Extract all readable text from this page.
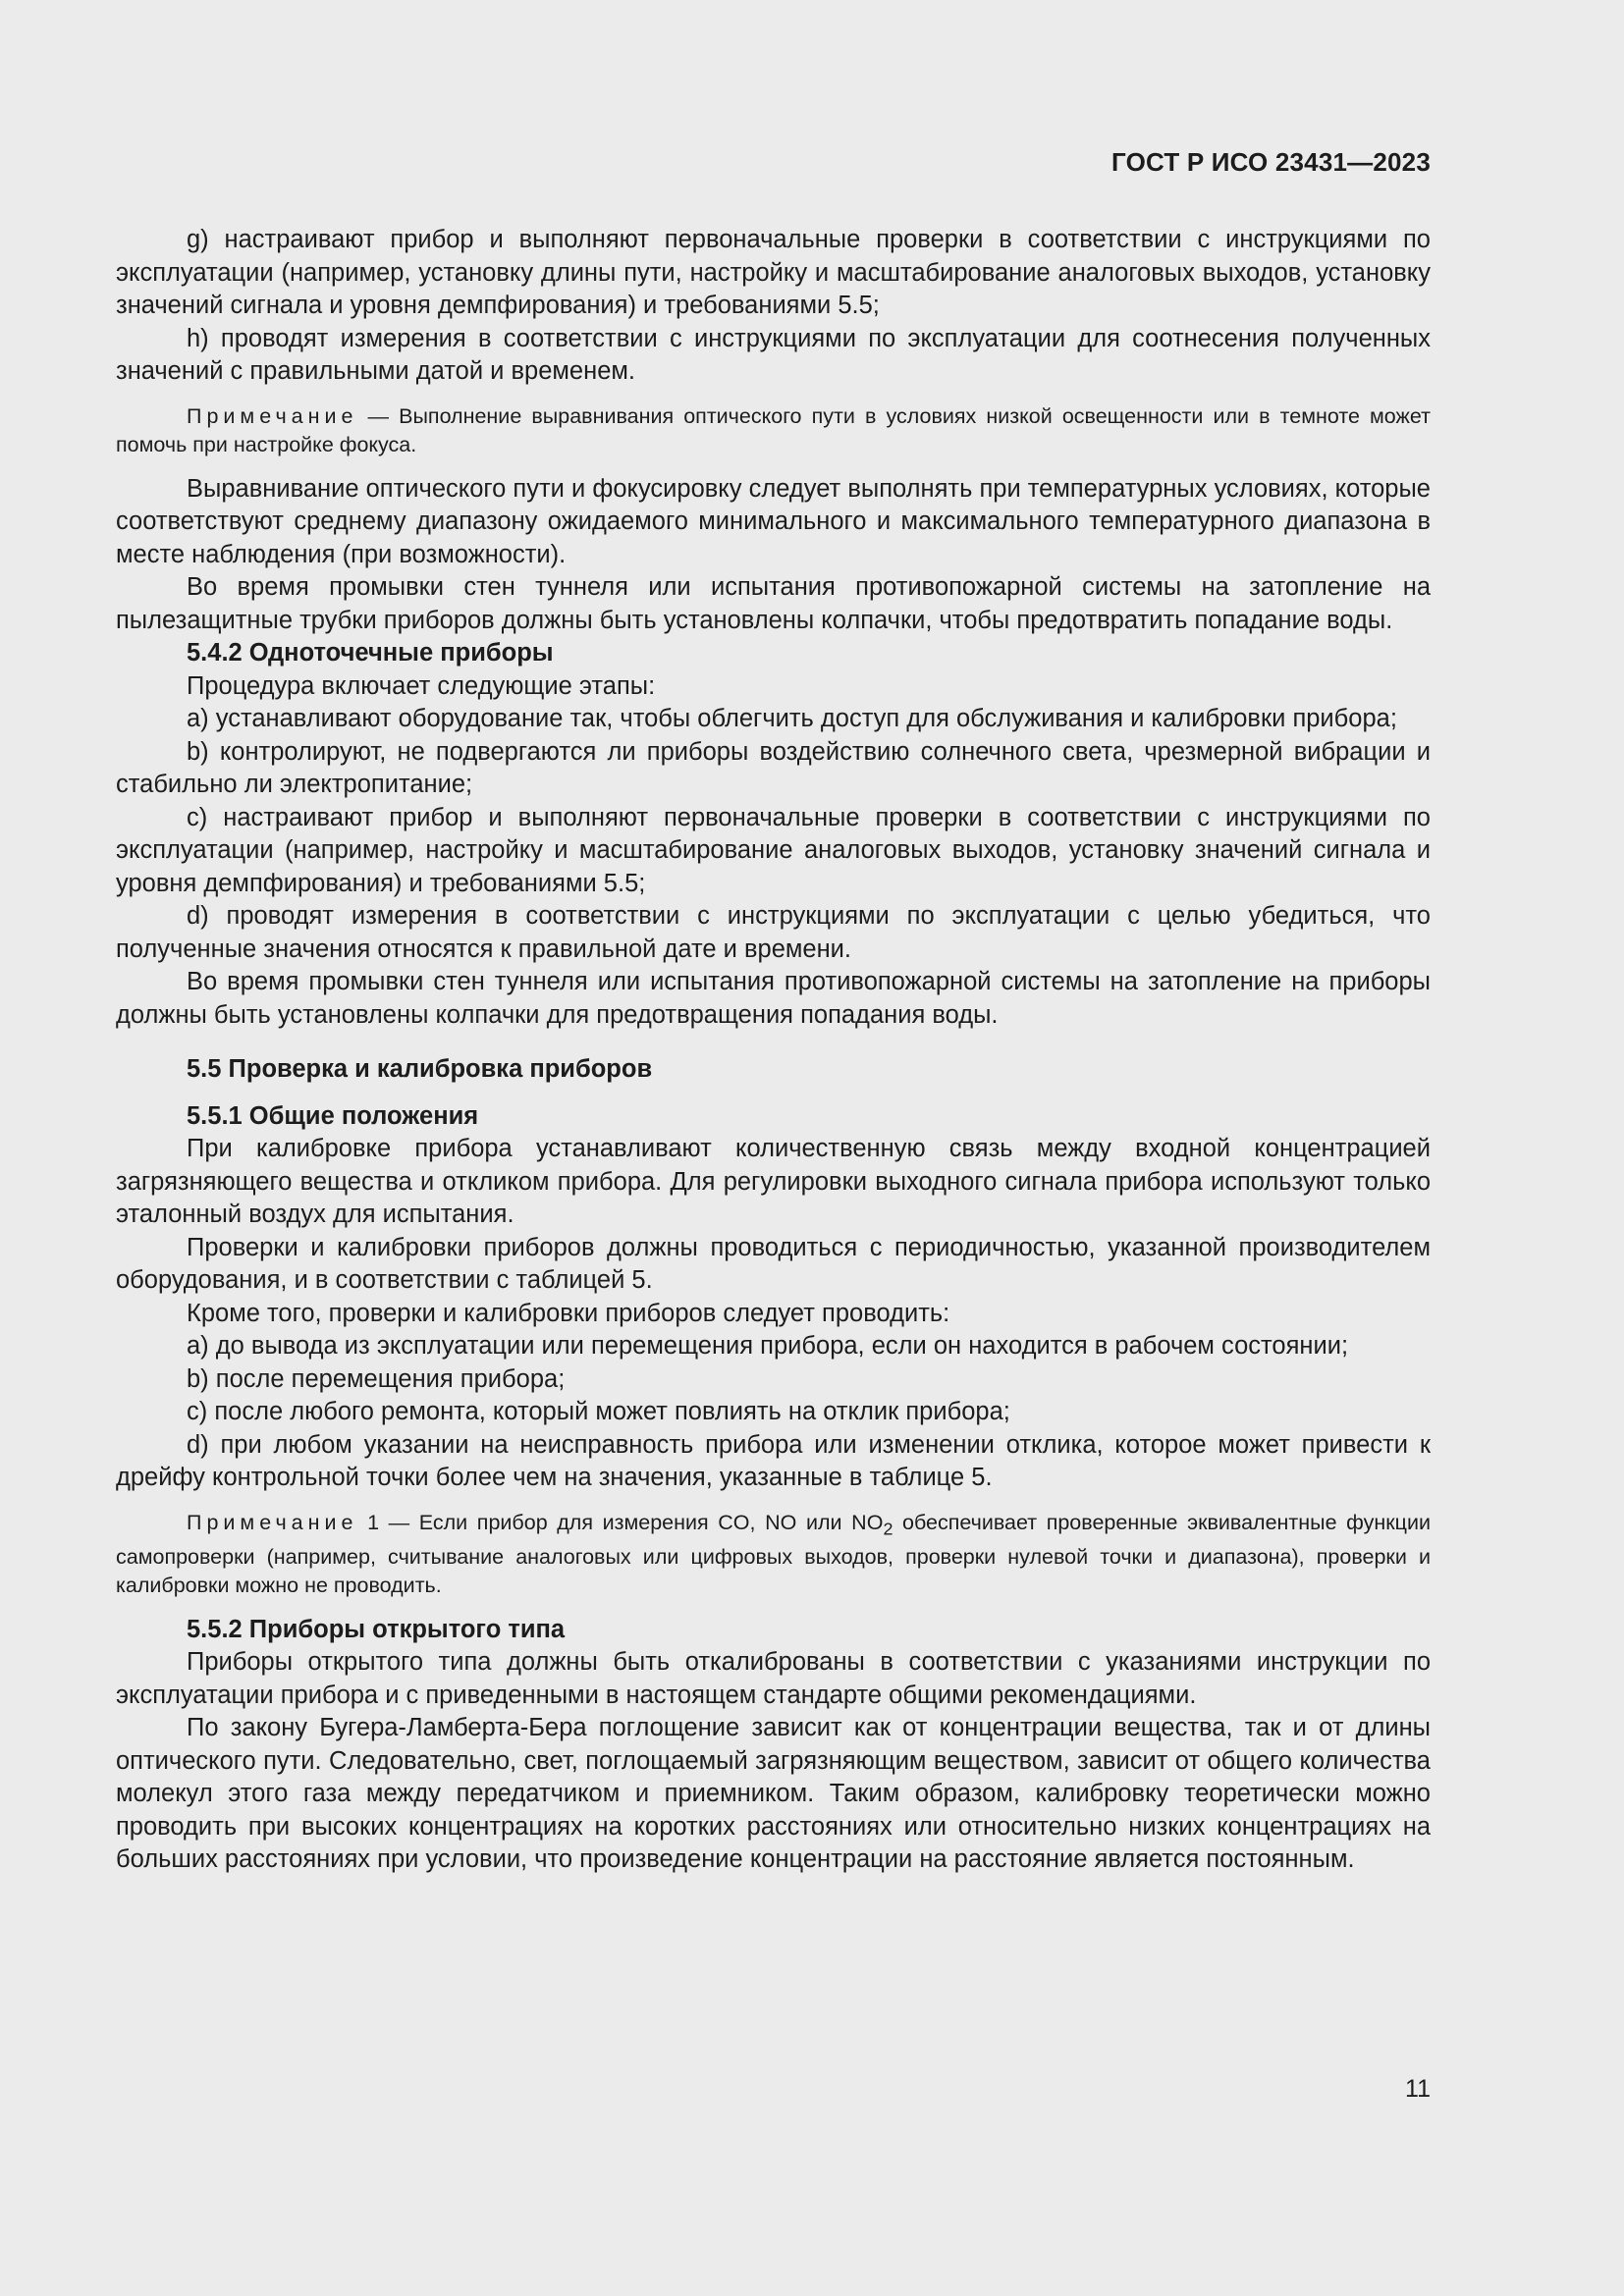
ГОСТ Р ИСО 23431—2023

g) настраивают прибор и выполняют первоначальные проверки в соответствии с инструкциями по эксплуатации (например, установку длины пути, настройку и масштабирование аналоговых выходов, установку значений сигнала и уровня демпфирования) и требованиями 5.5;

h) проводят измерения в соответствии с инструкциями по эксплуатации для соотнесения полученных значений с правильными датой и временем.

Примечание — Выполнение выравнивания оптического пути в условиях низкой освещенности или в темноте может помочь при настройке фокуса.

Выравнивание оптического пути и фокусировку следует выполнять при температурных условиях, которые соответствуют среднему диапазону ожидаемого минимального и максимального температурного диапазона в месте наблюдения (при возможности).

Во время промывки стен туннеля или испытания противопожарной системы на затопление на пылезащитные трубки приборов должны быть установлены колпачки, чтобы предотвратить попадание воды.

5.4.2 Одноточечные приборы

Процедура включает следующие этапы:

a) устанавливают оборудование так, чтобы облегчить доступ для обслуживания и калибровки прибора;

b) контролируют, не подвергаются ли приборы воздействию солнечного света, чрезмерной вибрации и стабильно ли электропитание;

c) настраивают прибор и выполняют первоначальные проверки в соответствии с инструкциями по эксплуатации (например, настройку и масштабирование аналоговых выходов, установку значений сигнала и уровня демпфирования) и требованиями 5.5;

d) проводят измерения в соответствии с инструкциями по эксплуатации с целью убедиться, что полученные значения относятся к правильной дате и времени.

Во время промывки стен туннеля или испытания противопожарной системы на затопление на приборы должны быть установлены колпачки для предотвращения попадания воды.

5.5 Проверка и калибровка приборов

5.5.1 Общие положения

При калибровке прибора устанавливают количественную связь между входной концентрацией загрязняющего вещества и откликом прибора. Для регулировки выходного сигнала прибора используют только эталонный воздух для испытания.

Проверки и калибровки приборов должны проводиться с периодичностью, указанной производителем оборудования, и в соответствии с таблицей 5.

Кроме того, проверки и калибровки приборов следует проводить:

a) до вывода из эксплуатации или перемещения прибора, если он находится в рабочем состоянии;

b) после перемещения прибора;

c) после любого ремонта, который может повлиять на отклик прибора;

d) при любом указании на неисправность прибора или изменении отклика, которое может привести к дрейфу контрольной точки более чем на значения, указанные в таблице 5.

Примечание 1 — Если прибор для измерения CO, NO или $NO_2$ обеспечивает проверенные эквивалентные функции самопроверки (например, считывание аналоговых или цифровых выходов, проверки нулевой точки и диапазона), проверки и калибровки можно не проводить.

5.5.2 Приборы открытого типа

Приборы открытого типа должны быть откалиброваны в соответствии с указаниями инструкции по эксплуатации прибора и с приведенными в настоящем стандарте общими рекомендациями.

По закону Бугера-Ламберта-Бера поглощение зависит как от концентрации вещества, так и от длины оптического пути. Следовательно, свет, поглощаемый загрязняющим веществом, зависит от общего количества молекул этого газа между передатчиком и приемником. Таким образом, калибровку теоретически можно проводить при высоких концентрациях на коротких расстояниях или относительно низких концентрациях на больших расстояниях при условии, что произведение концентрации на расстояние является постоянным.

11
